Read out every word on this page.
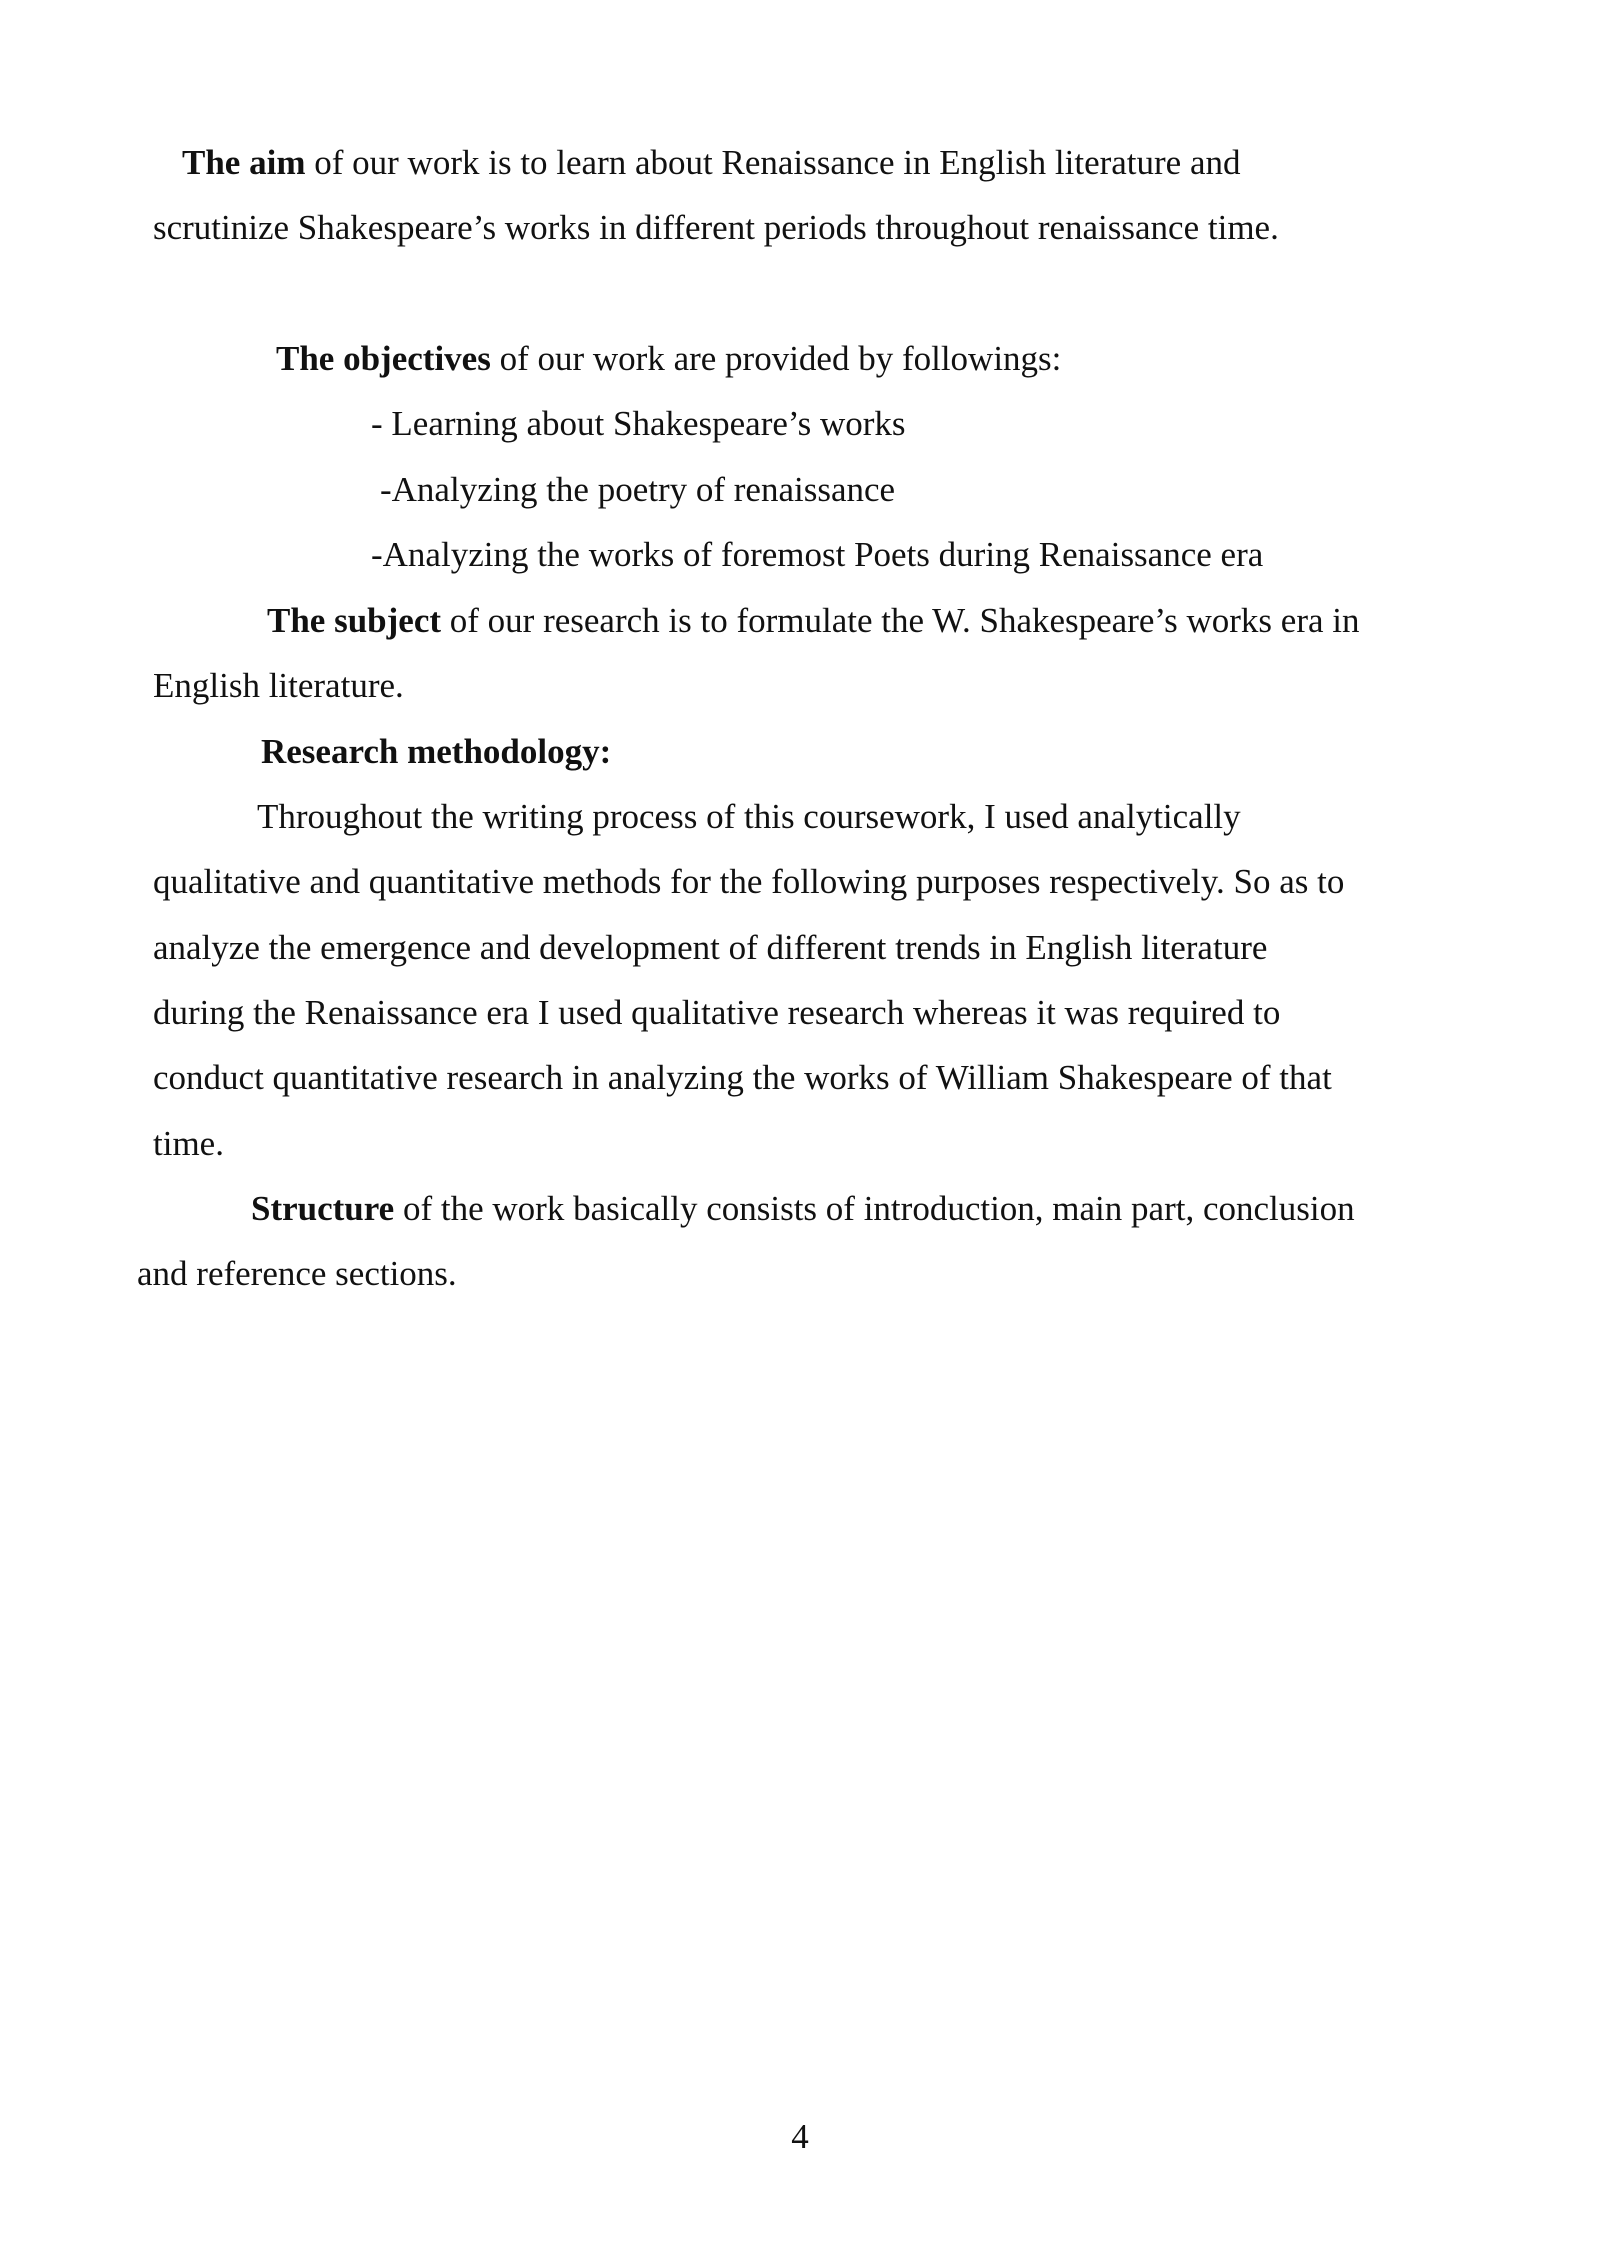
The aim of our work is to learn about Renaissance in English literature and
scrutinize Shakespeare’s works in different periods throughout renaissance time.
The objectives of our work are provided by followings:
- Learning about Shakespeare’s works
-Analyzing the poetry of renaissance
-Analyzing the works of foremost Poets during Renaissance era
The subject of our research is to formulate the W. Shakespeare’s works era in
English literature.
Research methodology:
Throughout the writing process of this coursework, I used analytically
qualitative and quantitative methods for the following purposes respectively. So as to
analyze the emergence and development of different trends in English literature
during the Renaissance era I used qualitative research whereas it was required to
conduct quantitative research in analyzing the works of William Shakespeare of that
time.
Structure of the work basically consists of introduction, main part, conclusion
and reference sections.
4
